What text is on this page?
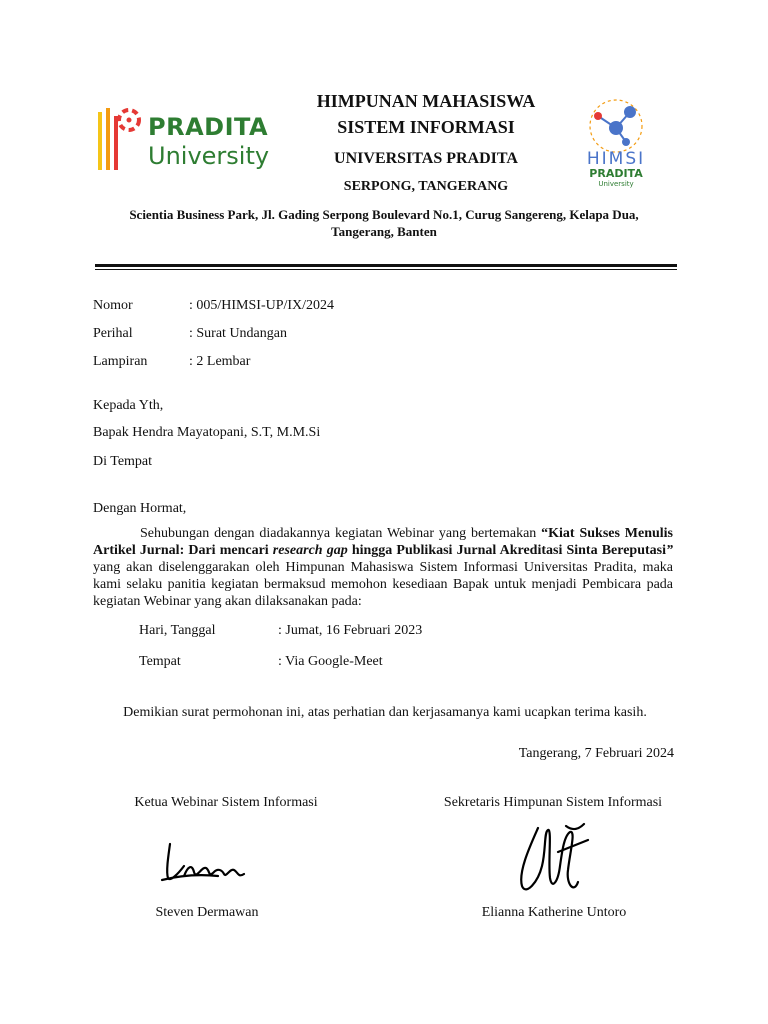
PRADITA
University
HIMPUNAN MAHASISWA
SISTEM INFORMASI
UNIVERSITAS PRADITA
SERPONG, TANGERANG
HIMSI
PRADITA
University
Scientia Business Park, Jl. Gading Serpong Boulevard No.1, Curug Sangereng, Kelapa Dua,
Tangerang, Banten
Nomor	: 005/HIMSI-UP/IX/2024
Perihal	: Surat Undangan
Lampiran	: 2 Lembar
Kepada Yth,
Bapak Hendra Mayatopani, S.T, M.M.Si
Di Tempat
Dengan Hormat,
Sehubungan dengan diadakannya kegiatan Webinar yang bertemakan “Kiat Sukses Menulis Artikel Jurnal: Dari mencari research gap hingga Publikasi Jurnal Akreditasi Sinta Bereputasi” yang akan diselenggarakan oleh Himpunan Mahasiswa Sistem Informasi Universitas Pradita, maka kami selaku panitia kegiatan bermaksud memohon kesediaan Bapak untuk menjadi Pembicara pada kegiatan Webinar yang akan dilaksanakan pada:
Hari, Tanggal	: Jumat, 16 Februari 2023
Tempat	: Via Google-Meet
Demikian surat permohonan ini, atas perhatian dan kerjasamanya kami ucapkan terima kasih.
Tangerang, 7 Februari 2024
Ketua Webinar Sistem Informasi	Sekretaris Himpunan Sistem Informasi
Steven Dermawan	Elianna Katherine Untoro
